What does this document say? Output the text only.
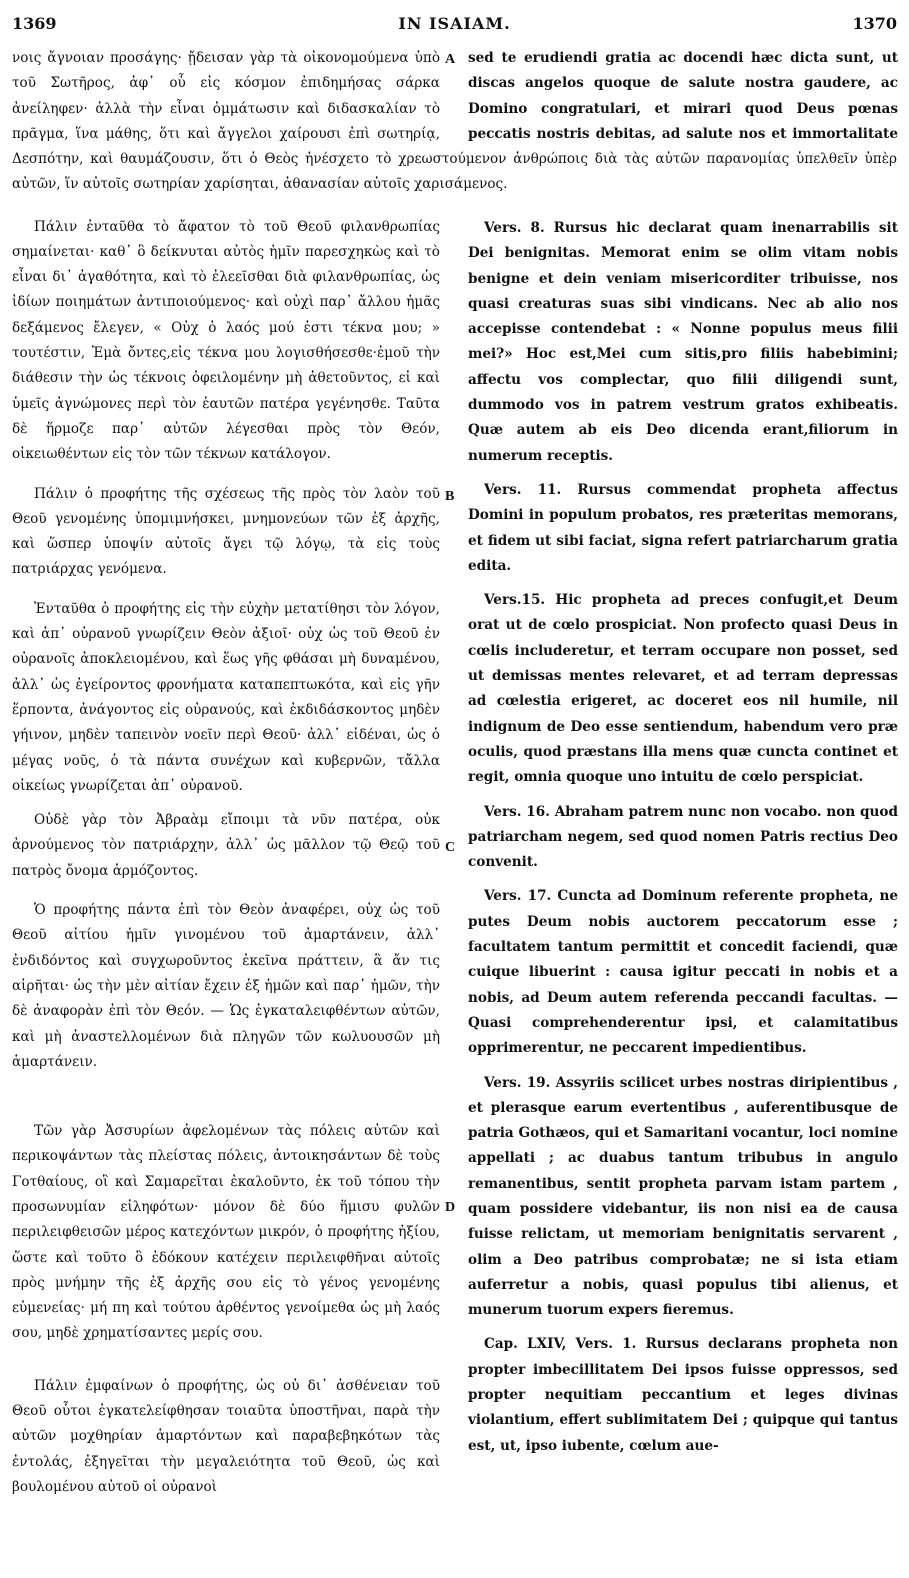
1369	IN ISAIAM.	1370
A
B
C
D

νοις ἄγνοιαν προσάγης· ᾔδεισαν γὰρ τὰ οἰκονομούμενα ὑπὸ τοῦ Σωτῆρος, ἀφ᾽ οὗ εἰς κόσμον ἐπιδημήσας σάρκα ἀνείληφεν· ἀλλὰ τὴν εἶναι ὀμμάτωσιν καὶ διδασκαλίαν τὸ πρᾶγμα, ἵνα μάθης, ὅτι καὶ ἄγγελοι χαίρουσι ἐπὶ σωτηρίᾳ,

Δεσπότην, καὶ θαυμάζουσιν, ὅτι ὁ Θεὸς ἠνέσχετο τὸ χρεωστούμενον ἀνθρώποις διὰ τὰς αὐτῶν παρανομίας ὑπελθεῖν ὑπὲρ αὐτῶν, ἵν αὐτοῖς σωτηρίαν χαρίσηται, ἀθανασίαν αὐτοῖς χαρισάμενος.

Πάλιν ἐνταῦθα τὸ ἄφατον τὸ τοῦ Θεοῦ φιλανθρωπίας σημαίνεται· καθ᾽ ὃ δείκνυται αὐτὸς ἡμῖν παρεσχηκὼς καὶ τὸ εἶναι δι᾽ ἀγαθότητα, καὶ τὸ ἐλεεῖσθαι διὰ φιλανθρωπίας, ὡς ἰδίων ποιημάτων ἀντιποιούμενος· καὶ οὐχὶ παρ᾽ ἄλλου ἡμᾶς δεξάμενος ἔλεγεν, « Οὐχ ὁ λαός μού ἐστι τέκνα μου; » τουτέστιν, Ἐμὰ ὄντες,εἰς τέκνα μου λογισθήσεσθε·ἐμοῦ τὴν διάθεσιν τὴν ὡς τέκνοις ὀφειλομένην μὴ ἀθετοῦντος, εἰ καὶ ὑμεῖς ἀγνώμονες περὶ τὸν ἑαυτῶν πατέρα γεγένησθε. Ταῦτα δὲ ἥρμοζε παρ᾽ αὐτῶν λέγεσθαι πρὸς τὸν Θεόν, οἰκειωθέντων εἰς τὸν τῶν τέκνων κατάλογον.

Πάλιν ὁ προφήτης τῆς σχέσεως τῆς πρὸς τὸν λαὸν τοῦ Θεοῦ γενομένης ὑπομιμνήσκει, μνημονεύων τῶν ἐξ ἀρχῆς, καὶ ὥσπερ ὑποψίν αὐτοῖς ἄγει τῷ λόγῳ, τὰ εἰς τοὺς πατριάρχας γενόμενα.

Ἐνταῦθα ὁ προφήτης εἰς τὴν εὐχὴν μετατίθησι τὸν λόγον, καὶ ἀπ᾽ οὐρανοῦ γνωρίζειν Θεὸν ἀξιοῖ· οὐχ ὡς τοῦ Θεοῦ ἐν οὐρανοῖς ἀποκλειομένου, καὶ ἕως γῆς φθάσαι μὴ δυναμένου, ἀλλ᾽ ὡς ἐγείροντος φρονήματα καταπεπτωκότα, καὶ εἰς γῆν ἕρποντα, ἀνάγοντος εἰς οὐρανούς, καὶ ἐκδιδάσκοντος μηδὲν γήινον, μηδὲν ταπεινὸν νοεῖν περὶ Θεοῦ· ἀλλ᾽ εἰδέναι, ὡς ὁ μέγας νοῦς, ὁ τὰ πάντα συνέχων καὶ κυβερνῶν, τἄλλα οἰκείως γνωρίζεται ἀπ᾽ οὐρανοῦ.

Οὐδὲ γὰρ τὸν Ἀβραὰμ εἴποιμι τὰ νῦν πατέρα, οὐκ ἀρνούμενος τὸν πατριάρχην, ἀλλ᾽ ὡς μᾶλλον τῷ Θεῷ τοῦ πατρὸς ὄνομα ἁρμόζοντος.

Ὁ προφήτης πάντα ἐπὶ τὸν Θεὸν ἀναφέρει, οὐχ ὡς τοῦ Θεοῦ αἰτίου ἡμῖν γινομένου τοῦ ἁμαρτάνειν, ἀλλ᾽ ἐνδιδόντος καὶ συγχωροῦντος ἐκεῖνα πράττειν, ἃ ἄν τις αἱρῆται· ὡς τὴν μὲν αἰτίαν ἔχειν ἐξ ἡμῶν καὶ παρ᾽ ἡμῶν, τὴν δὲ ἀναφορὰν ἐπὶ τὸν Θεόν. — Ὡς ἐγκαταλειφθέντων αὐτῶν, καὶ μὴ ἀναστελλομένων διὰ πληγῶν τῶν κωλυουσῶν μὴ ἁμαρτάνειν.

Τῶν γὰρ Ἀσσυρίων ἀφελομένων τὰς πόλεις αὐτῶν καὶ περικοψάντων τὰς πλείστας πόλεις, ἀντοικησάντων δὲ τοὺς Γοτθαίους, οἳ καὶ Σαμαρεῖται ἐκαλοῦντο, ἐκ τοῦ τόπου τὴν προσωνυμίαν εἰληφότων· μόνον δὲ δύο ἥμισυ φυλῶν περιλειφθεισῶν μέρος κατεχόντων μικρόν, ὁ προφήτης ἠξίου, ὥστε καὶ τοῦτο ὃ ἐδόκουν κατέχειν περιλειφθῆναι αὐτοῖς πρὸς μνήμην τῆς ἐξ ἀρχῆς σου εἰς τὸ γένος γενομένης εὐμενείας· μή πη καὶ τούτου ἀρθέντος γενοίμεθα ὡς μὴ λαός σου, μηδὲ χρηματίσαντες μερίς σου.

Πάλιν ἐμφαίνων ὁ προφήτης, ὡς οὐ δι᾽ ἀσθένειαν τοῦ Θεοῦ οὗτοι ἐγκατελείφθησαν τοιαῦτα ὑποστῆναι, παρὰ τὴν αὐτῶν μοχθηρίαν ἁμαρτόντων καὶ παραβεβηκότων τὰς ἐντολάς, ἐξηγεῖται τὴν μεγαλειότητα τοῦ Θεοῦ, ὡς καὶ βουλομένου αὐτοῦ οἱ οὐρανοὶ

sed te erudiendi gratia ac docendi hæc dicta sunt, ut discas angelos quoque de salute nostra gaudere, ac Domino congratulari, et mirari quod Deus pœnas peccatis nostris debitas, ad salute nos et immortalitate

Vers. 8. Rursus hic declarat quam inenarrabilis sit Dei benignitas. Memorat enim se olim vitam nobis benigne et dein veniam misericorditer tribuisse, nos quasi creaturas suas sibi vindicans. Nec ab alio nos accepisse contendebat : « Nonne populus meus filii mei?» Hoc est,Mei cum sitis,pro filiis habebimini; affectu vos complectar, quo filii diligendi sunt, dummodo vos in patrem vestrum gratos exhibeatis. Quæ autem ab eis Deo dicenda erant,filiorum in numerum receptis.

Vers. 11. Rursus commendat propheta affectus Domini in populum probatos, res præteritas memorans, et fidem ut sibi faciat, signa refert patriarcharum gratia edita.

Vers.15. Hic propheta ad preces confugit,et Deum orat ut de cœlo prospiciat. Non profecto quasi Deus in cœlis includeretur, et terram occupare non posset, sed ut demissas mentes relevaret, et ad terram depressas ad cœlestia erigeret, ac doceret eos nil humile, nil indignum de Deo esse sentiendum, habendum vero præ oculis, quod præstans illa mens quæ cuncta continet et regit, omnia quoque uno intuitu de cœlo perspiciat.

Vers. 16. Abraham patrem nunc non vocabo. non quod patriarcham negem, sed quod nomen Patris rectius Deo convenit.

Vers. 17. Cuncta ad Dominum referente propheta, ne putes Deum nobis auctorem peccatorum esse ; facultatem tantum permittit et concedit faciendi, quæ cuique libuerint : causa igitur peccati in nobis et a nobis, ad Deum autem referenda peccandi facultas. — Quasi comprehenderentur ipsi, et calamitatibus opprimerentur, ne peccarent impedientibus.

Vers. 19. Assyriis scilicet urbes nostras diripientibus , et plerasque earum evertentibus , auferentibusque de patria Gothæos, qui et Samaritani vocantur, loci nomine appellati ; ac duabus tantum tribubus in angulo remanentibus, sentit propheta parvam istam partem , quam possidere videbantur, iis non nisi ea de causa fuisse relictam, ut memoriam benignitatis servarent , olim a Deo patribus comprobatæ; ne si ista etiam auferretur a nobis, quasi populus tibi alienus, et munerum tuorum expers fieremus.

Cap. LXIV, Vers. 1. Rursus declarans propheta non propter imbecillitatem Dei ipsos fuisse oppressos, sed propter nequitiam peccantium et leges divinas violantium, effert sublimitatem Dei ; quipque qui tantus est, ut, ipso iubente, cœlum aue-
